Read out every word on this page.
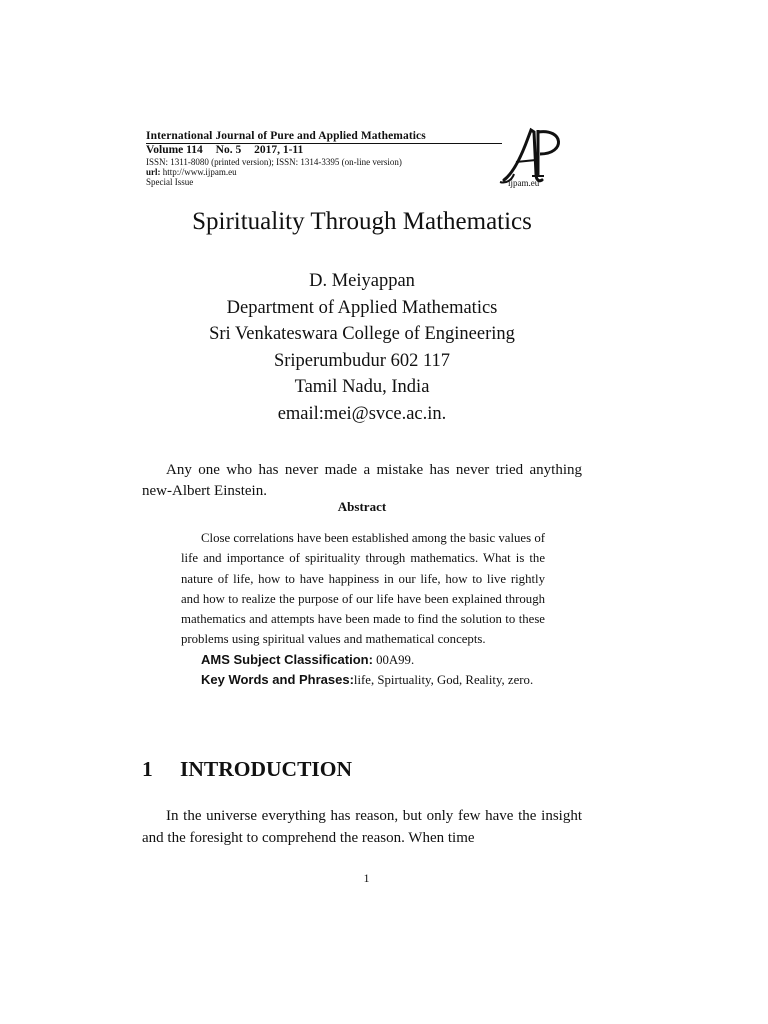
International Journal of Pure and Applied Mathematics
Volume 114 No. 5 2017, 1-11
ISSN: 1311-8080 (printed version); ISSN: 1314-3395 (on-line version)
url: http://www.ijpam.eu
Special Issue	ijpam.eu
Spirituality Through Mathematics
D. Meiyappan
Department of Applied Mathematics
Sri Venkateswara College of Engineering
Sriperumbudur 602 117
Tamil Nadu, India
email:mei@svce.ac.in.
Any one who has never made a mistake has never tried anything new-Albert Einstein.
Abstract

Close correlations have been established among the basic values of life and importance of spirituality through mathematics. What is the nature of life, how to have happiness in our life, how to live rightly and how to realize the purpose of our life have been explained through mathematics and attempts have been made to find the solution to these problems using spiritual values and mathematical concepts.

AMS Subject Classification: 00A99.

Key Words and Phrases:life, Spirtuality, God, Reality, zero.

1 INTRODUCTION
In the universe everything has reason, but only few have the insight and the foresight to comprehend the reason. When time
1
